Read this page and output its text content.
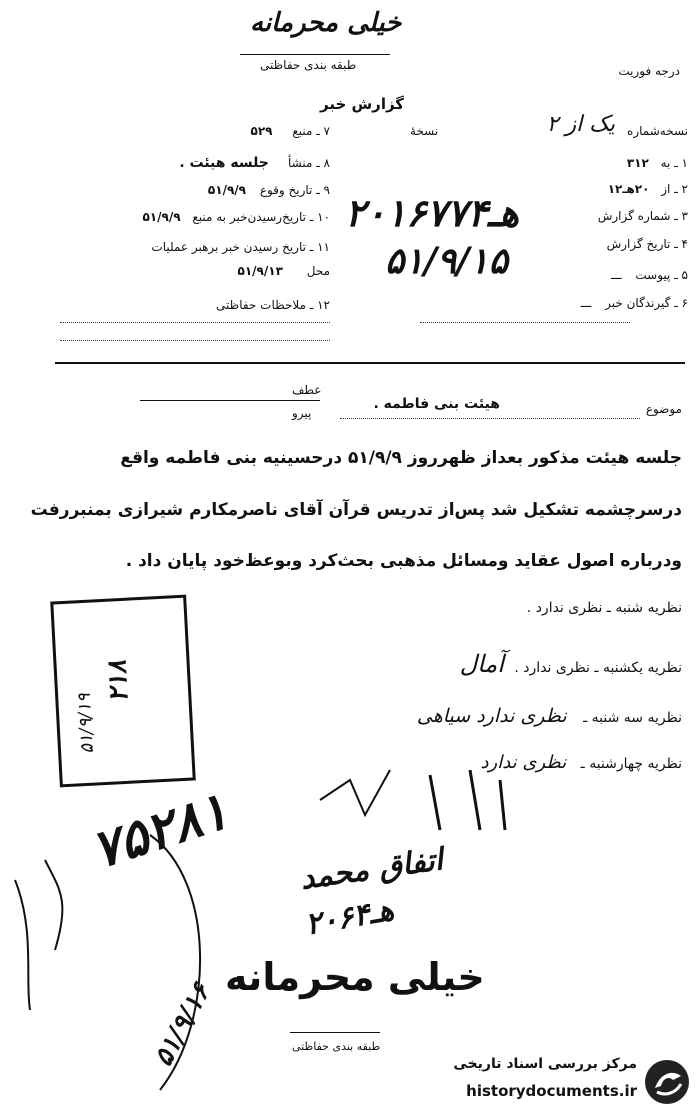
خیلی محرمانه
طبقه بندی حفاظتی	درجه فوریت
گزارش خبر
نسخه‌شماره
یک از ۲
نسخهٔ
۱ ـ به ۳۱۲
۲ ـ از ۲۰هـ۱۲
۳ ـ شماره گزارش
۴ ـ تاریخ گزارش
۵ ـ پیوست ـــ
۶ ـ گیرندگان خبر ـــ
۲۰هـ۱۶۷۷۴
۵۱/۹/۱۵
۷ ـ منبع ۵۲۹
۸ ـ منشأ جلسه هیئت .
۹ ـ تاریخ وقوع ۵۱/۹/۹
۱۰ ـ تاریخ‌رسیدن‌خبر به منبع ۵۱/۹/۹
۱۱ ـ تاریخ رسیدن خبر برهبر عملیات
محل ۵۱/۹/۱۳
۱۲ ـ ملاحظات حفاظتی
عطف
پیرو	موضوع
هیئت بنی فاطمه .
جلسه هیئت مذکور بعداز ظهرروز ۵۱/۹/۹ درحسینیه بنی فاطمه واقع
درسرچشمه تشکیل شد پس‌از تدریس قرآن آقای ناصرمکارم شیرازی بمنبررفت
ودرباره اصول عقاید ومسائل مذهبی بحث‌کرد وبوعظ‌خود پایان داد .
نظریه شنبه ـ نظری ندارد .
نظریه یکشنبه ـ نظری ندارد . آمال
نظریه سه شنبه ـ نظری ندارد سیاهی
نظریه چهارشنبه ـ نظری ندارد
۲۱۸
۵۱/۹/۱۹
۷۵۲۸۱ اتفاق محمد
۲۰هـ۶۴
۵۱/۹/۱۶
خیلی محرمانه
طبقه بندی حفاظتی
مرکز بررسی اسناد تاریخی
historydocuments.ir
